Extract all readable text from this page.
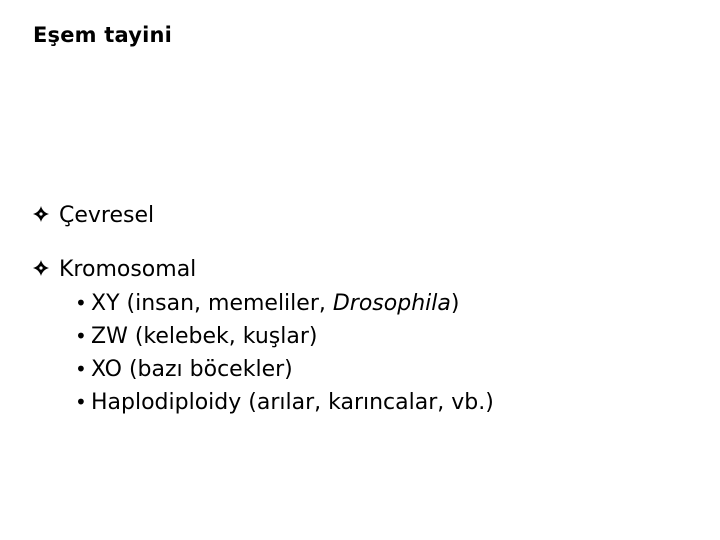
Eşem tayini
Çevresel
Kromosomal
• XY (insan, memeliler, Drosophila)
• ZW (kelebek, kuşlar)
• XO (bazı böcekler)
• Haplodiploidy (arılar, karıncalar, vb.)
